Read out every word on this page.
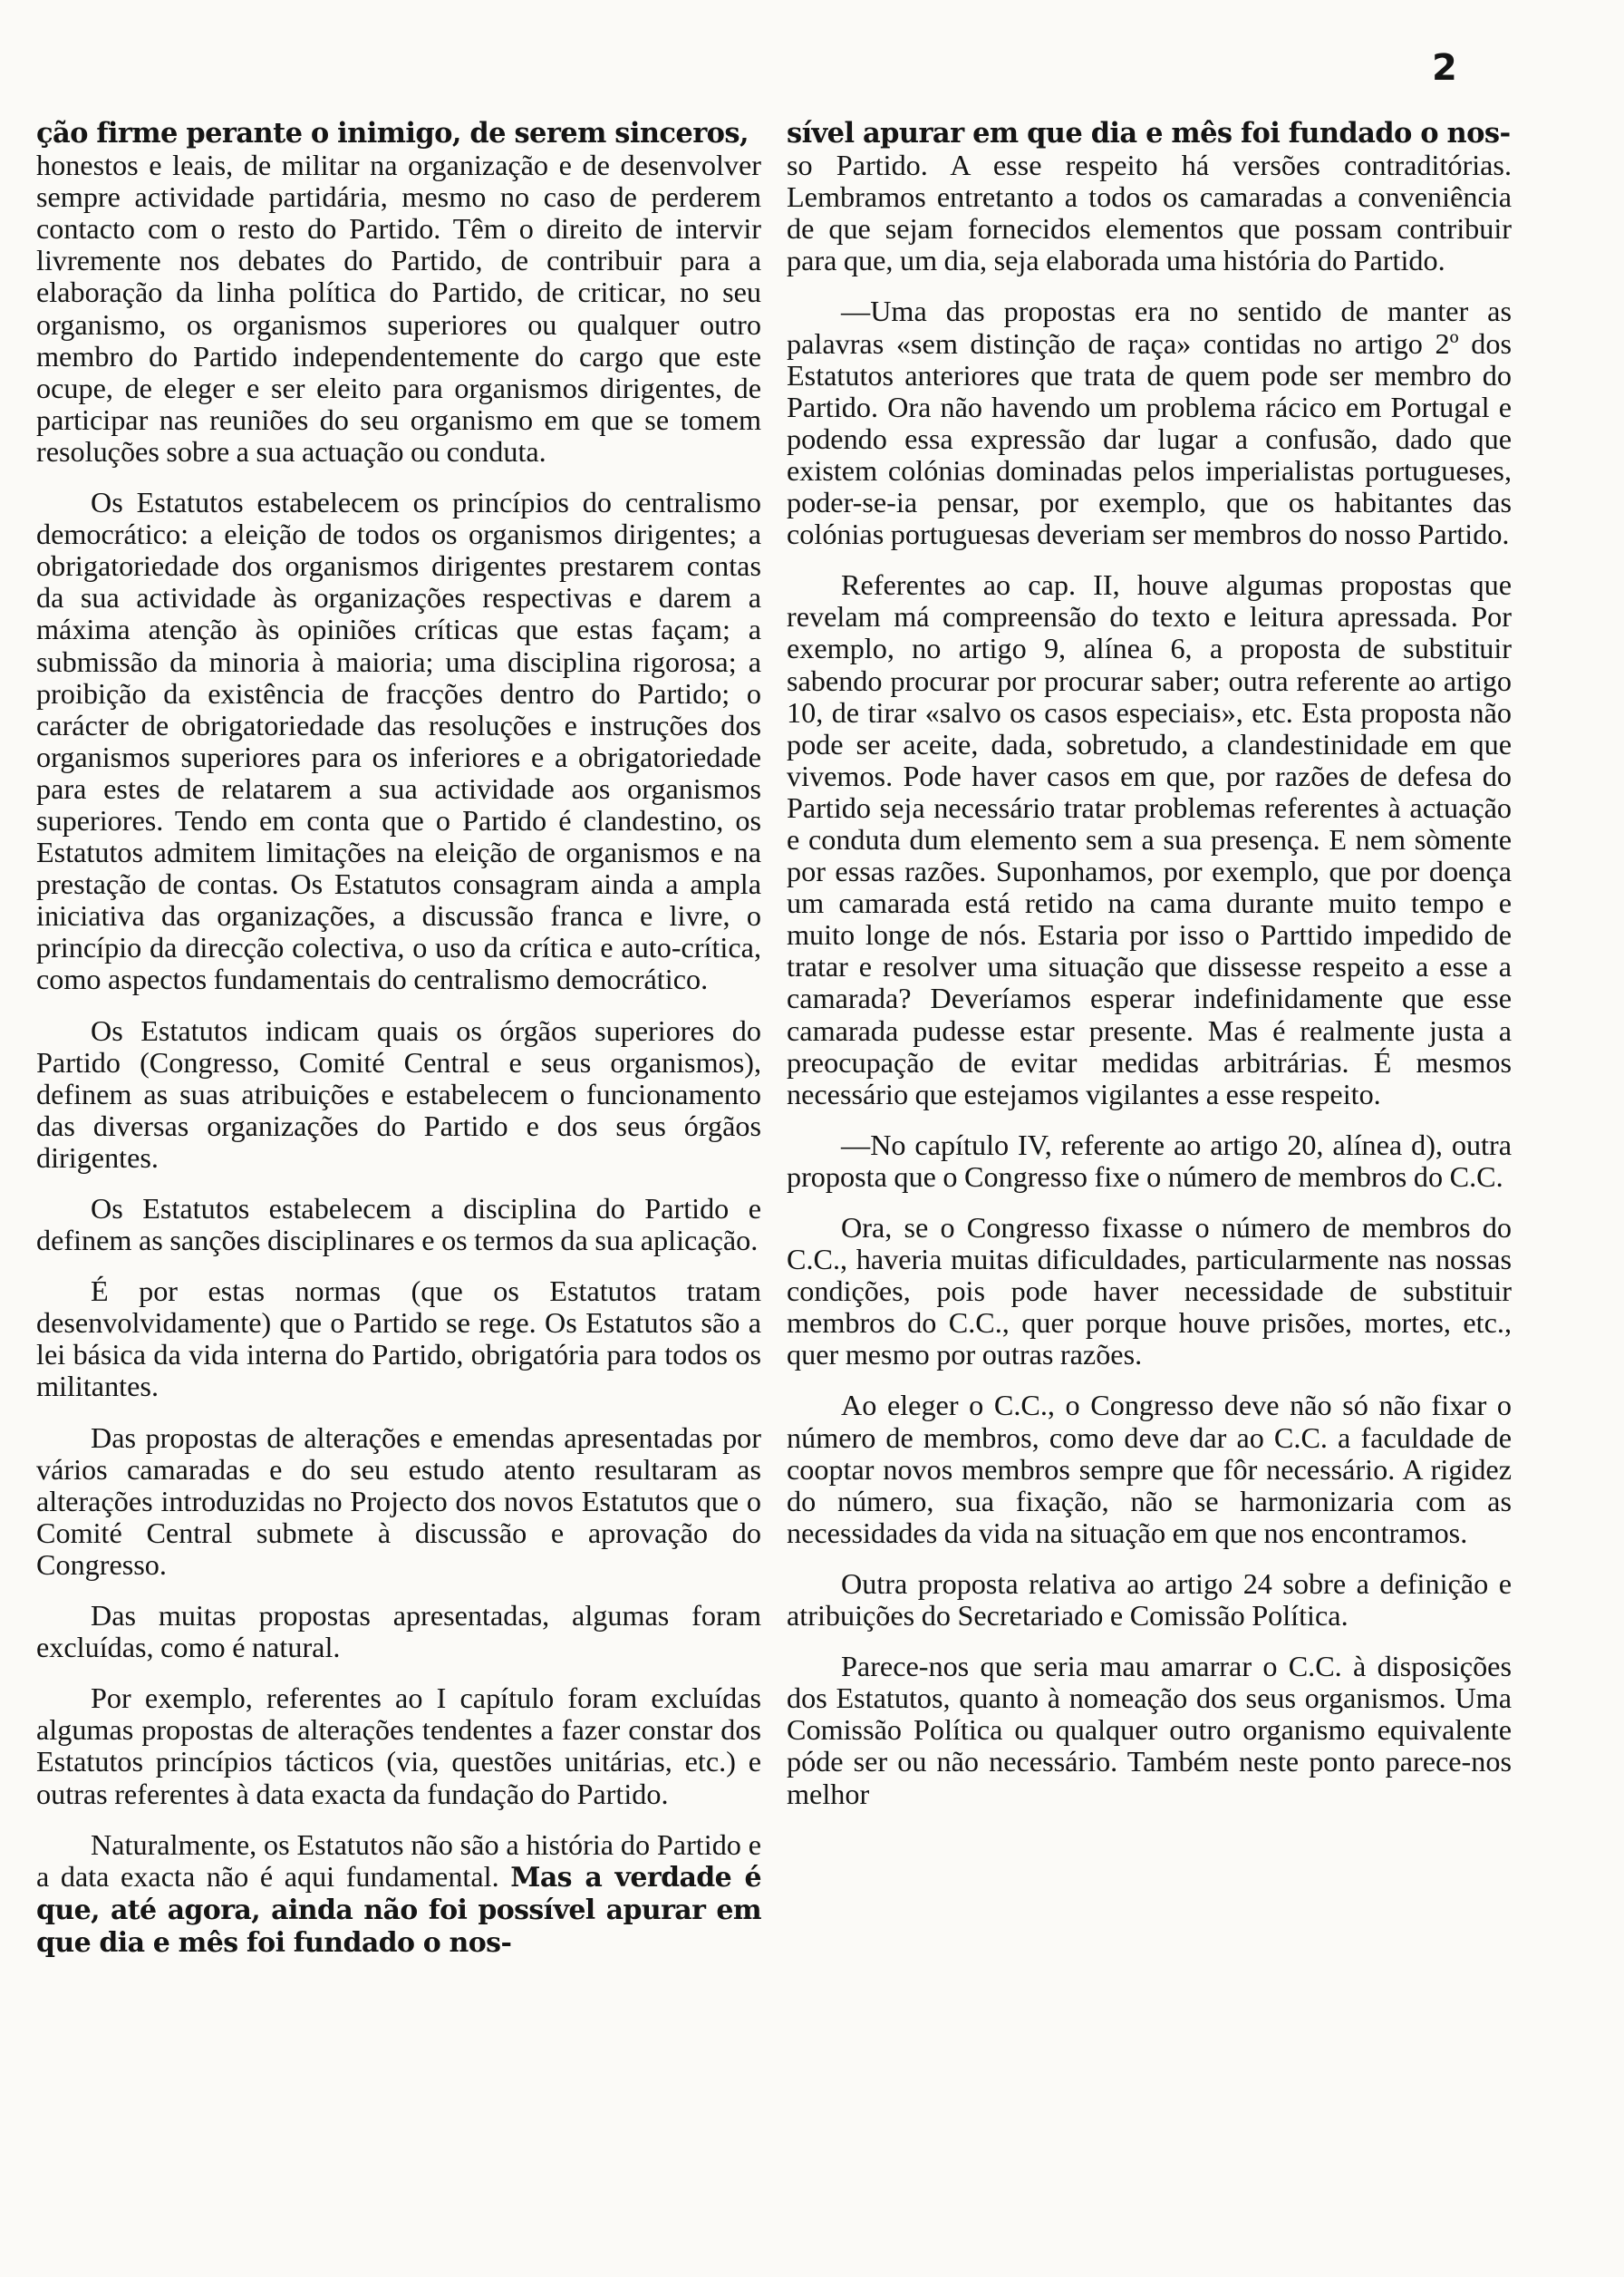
2

ção firme perante o inimigo, de serem sinceros,

honestos e leais, de militar na organização e de desenvolver sempre actividade partidária, mesmo no caso de perderem contacto com o resto do Partido. Têm o direito de intervir livremente nos debates do Partido, de contribuir para a elaboração da linha política do Partido, de criticar, no seu organismo, os organismos superiores ou qualquer outro membro do Partido independentemente do cargo que este ocupe, de eleger e ser eleito para organismos dirigentes, de participar nas reuniões do seu organismo em que se tomem resoluções sobre a sua actuação ou conduta.

Os Estatutos estabelecem os princípios do centralismo democrático: a eleição de todos os organismos dirigentes; a obrigatoriedade dos organismos dirigentes prestarem contas da sua actividade às organizações respectivas e darem a máxima atenção às opiniões críticas que estas façam; a submissão da minoria à maioria; uma disciplina rigorosa; a proibição da existência de fracções dentro do Partido; o carácter de obrigatoriedade das resoluções e instruções dos organismos superiores para os inferiores e a obrigatoriedade para estes de relatarem a sua actividade aos organismos superiores. Tendo em conta que o Partido é clandestino, os Estatutos admitem limitações na eleição de organismos e na prestação de contas. Os Estatutos consagram ainda a ampla iniciativa das organizações, a discussão franca e livre, o princípio da direcção colectiva, o uso da crítica e auto-crítica, como aspectos fundamentais do centralismo democrático.

Os Estatutos indicam quais os órgãos superiores do Partido (Congresso, Comité Central e seus organismos), definem as suas atribuições e estabelecem o funcionamento das diversas organizações do Partido e dos seus órgãos dirigentes.

Os Estatutos estabelecem a disciplina do Partido e definem as sanções disciplinares e os termos da sua aplicação.

É por estas normas (que os Estatutos tratam desenvolvidamente) que o Partido se rege. Os Estatutos são a lei básica da vida interna do Partido, obrigatória para todos os militantes.

Das propostas de alterações e emendas apresentadas por vários camaradas e do seu estudo atento resultaram as alterações introduzidas no Projecto dos novos Estatutos que o Comité Central submete à discussão e aprovação do Congresso.

Das muitas propostas apresentadas, algumas foram excluídas, como é natural.

Por exemplo, referentes ao I capítulo foram excluídas algumas propostas de alterações tendentes a fazer constar dos Estatutos princípios tácticos (via, questões unitárias, etc.) e outras referentes à data exacta da fundação do Partido.

Naturalmente, os Estatutos não são a história do Partido e a data exacta não é aqui fundamental. Mas a verdade é que, até agora, ainda não foi possível apurar em que dia e mês foi fundado o nos-

sível apurar em que dia e mês foi fundado o nos-

so Partido. A esse respeito há versões contraditórias. Lembramos entretanto a todos os camaradas a conveniência de que sejam fornecidos elementos que possam contribuir para que, um dia, seja elaborada uma história do Partido.

—Uma das propostas era no sentido de manter as palavras «sem distinção de raça» contidas no artigo 2º dos Estatutos anteriores que trata de quem pode ser membro do Partido. Ora não havendo um problema rácico em Portugal e podendo essa expressão dar lugar a confusão, dado que existem colónias dominadas pelos imperialistas portugueses, poder-se-ia pensar, por exemplo, que os habitantes das colónias portuguesas deveriam ser membros do nosso Partido.

Referentes ao cap. II, houve algumas propostas que revelam má compreensão do texto e leitura apressada. Por exemplo, no artigo 9, alínea 6, a proposta de substituir sabendo procurar por procurar saber; outra referente ao artigo 10, de tirar «salvo os casos especiais», etc. Esta proposta não pode ser aceite, dada, sobretudo, a clandestinidade em que vivemos. Pode haver casos em que, por razões de defesa do Partido seja necessário tratar problemas referentes à actuação e conduta dum elemento sem a sua presença. E nem sòmente por essas razões. Suponhamos, por exemplo, que por doença um camarada está retido na cama durante muito tempo e muito longe de nós. Estaria por isso o Parttido impedido de tratar e resolver uma situação que dissesse respeito a esse a camarada? Deveríamos esperar indefinidamente que esse camarada pudesse estar presente. Mas é realmente justa a preocupação de evitar medidas arbitrárias. É mesmos necessário que estejamos vigilantes a esse respeito.

—No capítulo IV, referente ao artigo 20, alínea d), outra proposta que o Congresso fixe o número de membros do C.C.

Ora, se o Congresso fixasse o número de membros do C.C., haveria muitas dificuldades, particularmente nas nossas condições, pois pode haver necessidade de substituir membros do C.C., quer porque houve prisões, mortes, etc., quer mesmo por outras razões.

Ao eleger o C.C., o Congresso deve não só não fixar o número de membros, como deve dar ao C.C. a faculdade de cooptar novos membros sempre que fôr necessário. A rigidez do número, sua fixação, não se harmonizaria com as necessidades da vida na situação em que nos encontramos.

Outra proposta relativa ao artigo 24 sobre a definição e atribuições do Secretariado e Comissão Política.

Parece-nos que seria mau amarrar o C.C. à disposições dos Estatutos, quanto à nomeação dos seus organismos. Uma Comissão Política ou qualquer outro organismo equivalente póde ser ou não necessário. Também neste ponto parece-nos melhor
